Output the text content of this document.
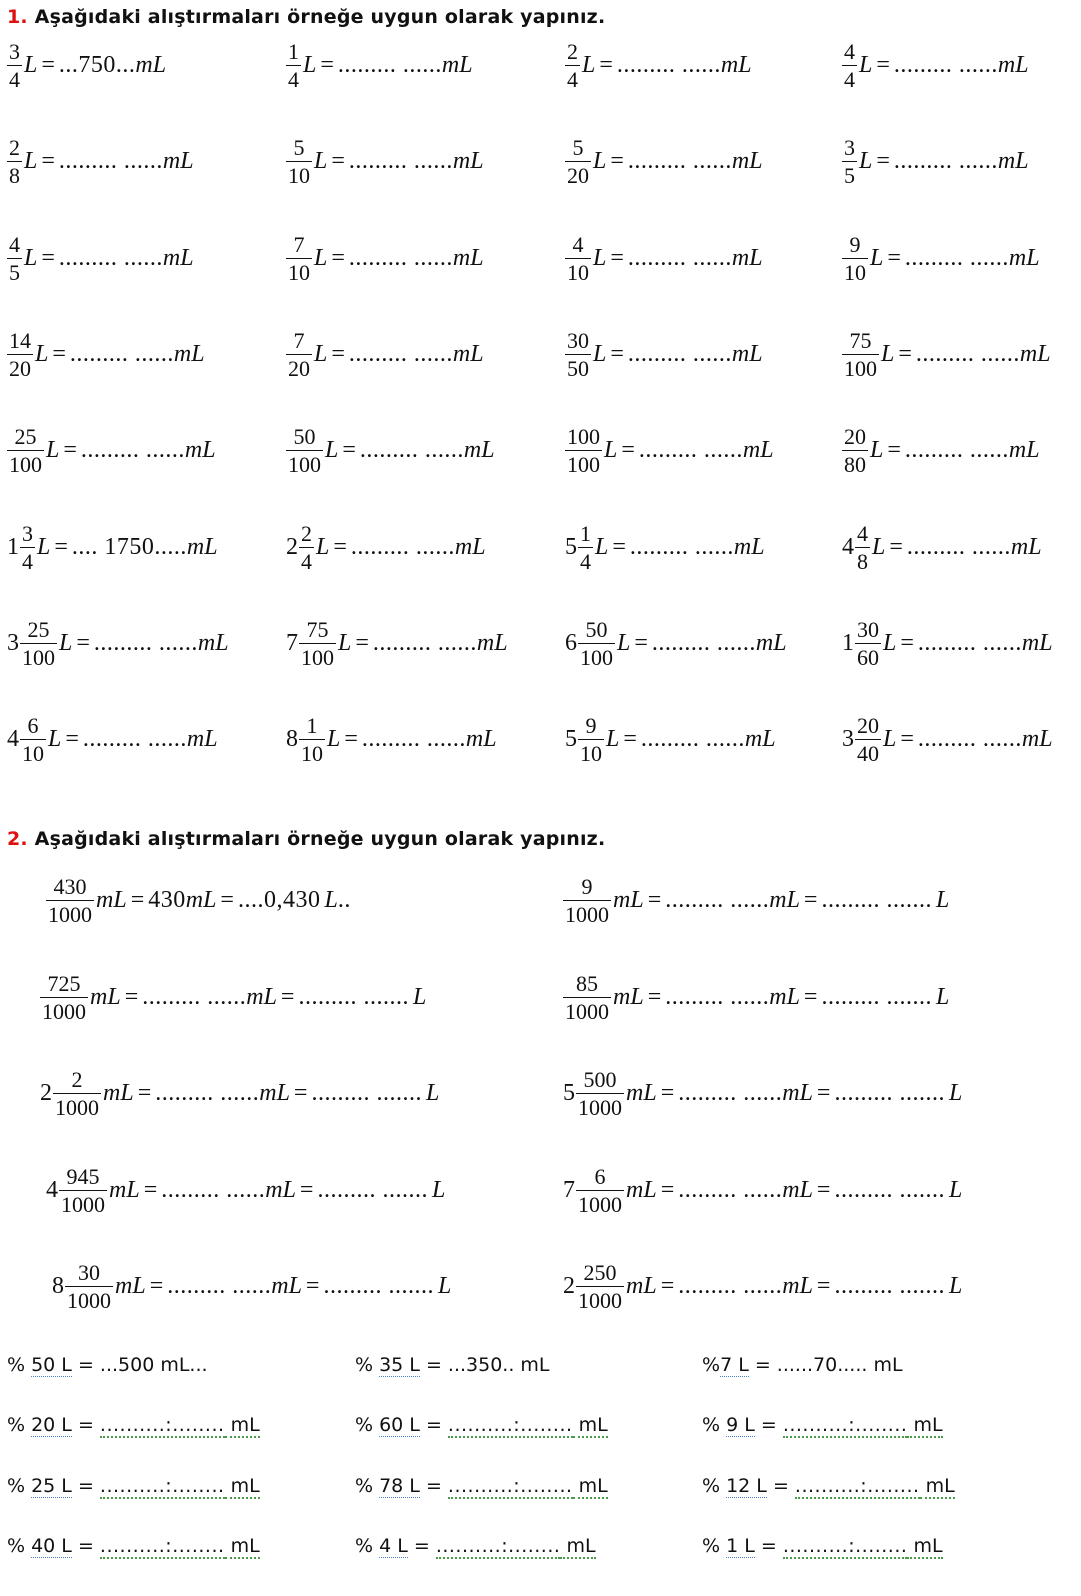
1. Aşağıdaki alıştırmaları örneğe uygun olarak yapınız.
$\frac{3}{4}$ L = ...750... mL	$\frac{1}{4}$ L = ......... ...... mL	$\frac{2}{4}$ L = ......... ...... mL	$\frac{4}{4}$ L = ......... ...... mL
$\frac{2}{8}$ L = ......... ...... mL	$\frac{5}{10}$ L = ......... ...... mL	$\frac{5}{20}$ L = ......... ...... mL	$\frac{3}{5}$ L = ......... ...... mL
$\frac{4}{5}$ L = ......... ...... mL	$\frac{7}{10}$ L = ......... ...... mL	$\frac{4}{10}$ L = ......... ...... mL	$\frac{9}{10}$ L = ......... ...... mL
$\frac{14}{20}$ L = ......... ...... mL	$\frac{7}{20}$ L = ......... ...... mL	$\frac{30}{50}$ L = ......... ...... mL	$\frac{75}{100}$ L = ......... ...... mL
$\frac{25}{100}$ L = ......... ...... mL	$\frac{50}{100}$ L = ......... ...... mL	$\frac{100}{100}$ L = ......... ...... mL	$\frac{20}{80}$ L = ......... ...... mL
$1 \frac{3}{4}$ L = .... 1750..... mL	$2 \frac{2}{4}$ L = ......... ...... mL	$5 \frac{1}{4}$ L = ......... ...... mL	$4 \frac{4}{8}$ L = ......... ...... mL
$3 \frac{25}{100}$ L = ......... ...... mL $7 \frac{75}{100}$ L = ......... ...... mL $6 \frac{50}{100}$ L = ......... ...... mL $1 \frac{30}{60}$ L = ......... ...... mL
$4 \frac{6}{10}$ L = ......... ...... mL	$8 \frac{1}{10}$ L = ......... ...... mL	$5 \frac{9}{10}$ L = ......... ...... mL	$3 \frac{20}{40}$ L = ......... ...... mL
2. Aşağıdaki alıştırmaları örneğe uygun olarak yapınız.
$\frac{430}{1000}$ mL = 430 mL = ....0,430 L ..	$\frac{9}{1000}$ mL = ......... ...... mL = ......... ....... L
$\frac{725}{1000}$ mL = ......... ...... mL = ......... ....... L	$\frac{85}{1000}$ mL = ......... ...... mL = ......... ....... L
$2 \frac{2}{1000}$ mL = ......... ...... mL = ......... ....... L	$5 \frac{500}{1000}$ mL = ......... ...... mL = ......... ....... L
$4 \frac{945}{1000}$ mL = ......... ...... mL = ......... ....... L	$7 \frac{6}{1000}$ mL = ......... ...... mL = ......... ....... L
$8 \frac{30}{1000}$ mL = ......... ...... mL = ......... ....... L	$2 \frac{250}{1000}$ mL = ......... ...... mL = ......... ....... L
% 50 L = ...500 mL...	% 35 L = ...350.. mL	%7 L = ......70..... mL
% 20 L = ..........:........ mL	% 60 L = ..........:........ mL	% 9 L = ..........:........ mL
% 25 L = ..........:........ mL	% 78 L = ..........:........ mL	% 12 L = ..........:........ mL
% 40 L = ..........:........ mL	% 4 L = ..........:........ mL	% 1 L = ..........:........ mL
